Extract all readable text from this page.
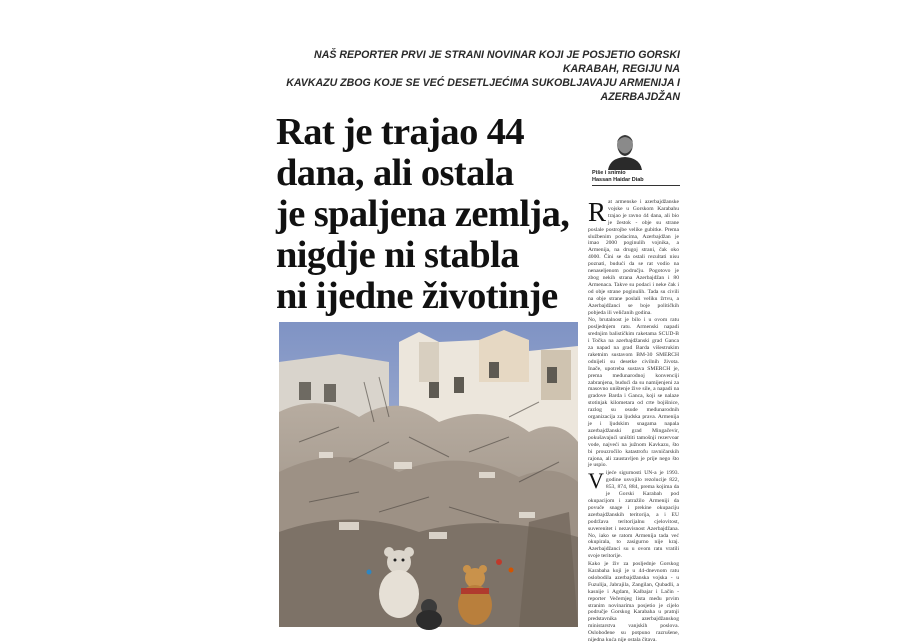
NAŠ REPORTER PRVI JE STRANI NOVINAR KOJI JE POSJETIO GORSKI KARABAH, REGIJU NA
KAVKAZU ZBOG KOJE SE VEĆ DESETLJEĆIMA SUKOBLJAVAJU ARMENIJA I AZERBAJDŽAN
Rat je trajao 44
dana, ali ostala
je spaljena zemlja,
nigdje ni stabla
ni ijedne životinje
Piše i snimio
Hassan Haidar Diab
R at armenske i azerbajdžanske vojske u Gorskom Karabahu trajao je ravno 44 dana, ali bio je žestok - obje su strane poslale postrojbe velike gubitke. Prema službenim podacima, Azerbajdžan je imao 2000 poginulih vojnika, a Armenija, na drugoj strani, čak oko 4000. Čini se da ostali rezultati nisu poznati, budući da se rat vodio na nenaseljenom području. Pogotovo je zbog nekih strana Azerbajdžan i 80 Armenaca. Takve su podaci i neke čak i od obje strane poginulih. Tada su civili na obje strane poslali veliku žrtvu, a Azerbajdžanci se boje političkih pobjeda ili veličanih godina.

No, brutalnost je bilo i u ovom ratu posljednjem ratu. Armenski napadi srednjim balističkim raketama SCUD-B i Točka na azerbajdžanski grad Ganca za napad na grad Barda višestrukim raketnim sustavom BM-30 SMERCH odnijeli su desetke civilnih života. Inače, upotreba sustava SMERCH je, prema međunarodnoj konvenciji zabranjena, budući da su namijenjeni za masovno uništenje žive sile, a napadi na gradove Barda i Ganca, koji se nalaze stotinjak kilometara od crte bojišnice, razlog su osude međunarodnih organizacija za ljudska prava. Armenija je i ljudskim snagama napala azerbajdžanski grad Mingačevir, pokušavajući uništiti tamošnji rezervoar vode, najveći na južnom Kavkazu, što bi prouzročilo katastrofu ravničarskih rajona, ali zaustavljen je prije nego što je uspio.

V ijeće sigurnosti UN-a je 1993. godine usvojilo rezolucije 822, 853, 874, 884, prema kojima da je Gorski Karabah pod okupacijom i zatražilo Armeniji da povuče snage i prekine okupaciju azerbajdžanskih teritorija, a i EU podržava teritorijalnu cjelovitost, suverenitet i nezavisnost Azerbajdžana. No, iako se ratom Armenija tada već okupirala, to zasigurno nije kraj. Azerbajdžanci su u ovom ratu vratili svoje teritorije.

Kako je živ za posljednje Gorskog Karabaha koji je u 44-dnevnom ratu oslobodila azerbajdžanska vojska - u Fuzulija, Jabrajila, Zangilan, Qubadli, a kasnije i Agdam, Kalbajar i Lačin - reporter Večernjeg lista među prvim stranim novinarima posjetio je cijelo područje Gorskog Karabaha u pratnji predstavnika azerbajdžanskog ministarstva vanjskih poslova. Oslobođene su potpuno razrušene, nijedna kuća nije ostala čitava.
